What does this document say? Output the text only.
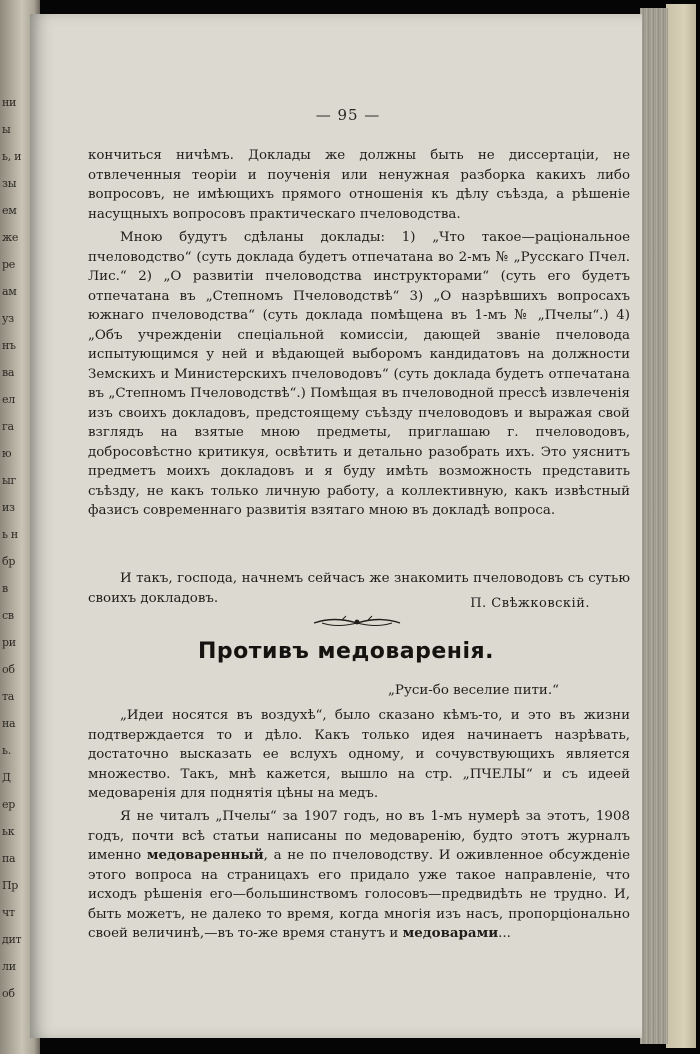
ни
ы
ь, и
зы
ем
же
ре
ам
уз
нъ
ва
ел
га
ю
ыг
из
ь н
бр
в
св
ри
об
та
на
ь.
Д
ер
ьк
па
Пр
чт
дит
ли
об
— 95 —

кончиться ничѣмъ. Доклады же должны быть не диссертацiи, не отвлеченныя теорiи и поученiя или ненужная разборка какихъ либо вопросовъ, не имѣющихъ прямого отношенiя къ дѣлу съѣзда, а рѣшенiе насущныхъ вопросовъ практическаго пчеловодства.

Мною будутъ сдѣланы доклады: 1) „Что такое—рацiональное пчеловодство“ (суть доклада будетъ отпечатана во 2-мъ № „Русскаго Пчел. Лис.“ 2) „О развитiи пчеловодства инструкторами“ (суть его будетъ отпечатана въ „Степномъ Пчеловодствѣ“ 3) „О назрѣвшихъ вопросахъ южнаго пчеловодства“ (суть доклада помѣщена въ 1-мъ № „Пчелы“.) 4) „Объ учрежденiи спецiальной комиссiи, дающей званiе пчеловода испытующимся у ней и вѣдающей выборомъ кандидатовъ на должности Земскихъ и Министерскихъ пчеловодовъ“ (суть доклада будетъ отпечатана въ „Степномъ Пчеловодствѣ“.) Помѣщая въ пчеловодной прессѣ извлеченiя изъ своихъ докладовъ, предстоящему съѣзду пчеловодовъ и выражая свой взглядъ на взятые мною предметы, приглашаю г. пчеловодовъ, добросовѣстно критикуя, освѣтить и детально разобрать ихъ. Это уяснитъ предметъ моихъ докладовъ и я буду имѣть возможность представить съѣзду, не какъ только личную работу, а коллективную, какъ извѣстный фазисъ современнаго развитiя взятаго мною въ докладѣ вопроса.

И такъ, господа, начнемъ сейчасъ же знакомить пчеловодовъ съ сутью своихъ докладовъ.	П. Свѣжковскiй.
Противъ медоваренiя.
„Руси-бо веселие пити.“

„Идеи носятся въ воздухѣ“, было сказано кѣмъ-то, и это въ жизни подтверждается то и дѣло. Какъ только идея начинаетъ назрѣвать, достаточно высказать ее вслухъ одному, и сочувствующихъ является множество. Такъ, мнѣ кажется, вышло на стр. „ПЧЕЛЫ“ и съ идеей медоваренiя для поднятiя цѣны на медъ.

Я не читалъ „Пчелы“ за 1907 годъ, но въ 1-мъ нумерѣ за этотъ, 1908 годъ, почти всѣ статьи написаны по медоваренiю, будто этотъ журналъ именно медоваренный, а не по пчеловодству. И оживленное обсужденiе этого вопроса на страницахъ его придало уже такое направленiе, что исходъ рѣшенiя его—большинствомъ голосовъ—предвидѣть не трудно. И, быть можетъ, не далеко то время, когда многiя изъ насъ, пропорцiонально своей величинѣ,—въ то-же время станутъ и медоварами...
